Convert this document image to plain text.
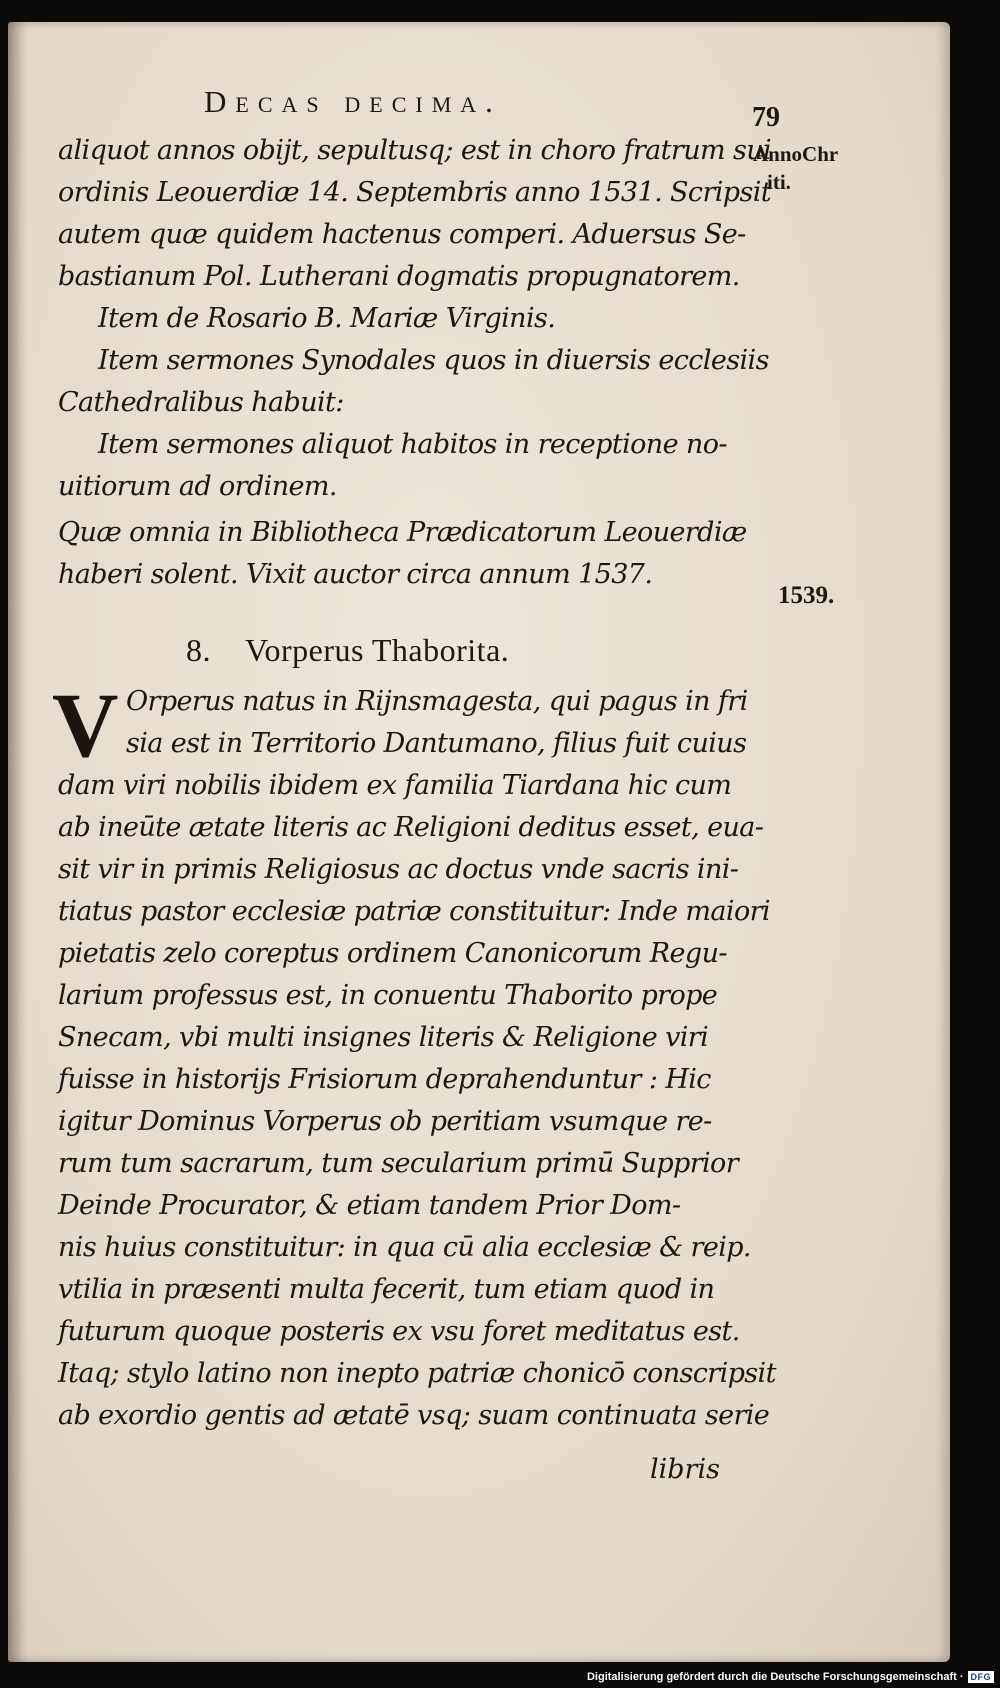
Decas decima.	79
AnnoChr
iti.
1539.
aliquot annos obijt, sepultusq; est in choro fratrum sui
ordinis Leouerdiæ 14. Septembris anno 1531. Scripsit
autem quæ quidem hactenus comperi. Aduersus Se-
bastianum Pol. Lutherani dogmatis propugnatorem.
Item de Rosario B. Mariæ Virginis.
Item sermones Synodales quos in diuersis ecclesiis
Cathedralibus habuit:
Item sermones aliquot habitos in receptione no-
uitiorum ad ordinem.
Quæ omnia in Bibliotheca Prædicatorum Leouerdiæ
haberi solent. Vixit auctor circa annum 1537.
8. Vorperus Thaborita.
V Orperus natus in Rijnsmagesta, qui pagus in fri
sia est in Territorio Dantumano, filius fuit cuius
dam viri nobilis ibidem ex familia Tiardana hic cum
ab ineūte ætate literis ac Religioni deditus esset, eua-
sit vir in primis Religiosus ac doctus vnde sacris ini-
tiatus pastor ecclesiæ patriæ constituitur: Inde maiori
pietatis zelo coreptus ordinem Canonicorum Regu-
larium professus est, in conuentu Thaborito prope
Snecam, vbi multi insignes literis & Religione viri
fuisse in historijs Frisiorum deprahenduntur : Hic
igitur Dominus Vorperus ob peritiam vsumque re-
rum tum sacrarum, tum secularium primū Supprior
Deinde Procurator, & etiam tandem Prior Dom-
nis huius constituitur: in qua cū alia ecclesiæ & reip.
vtilia in præsenti multa fecerit, tum etiam quod in
futurum quoque posteris ex vsu foret meditatus est.
Itaq; stylo latino non inepto patriæ chonicō conscripsit
ab exordio gentis ad ætatē vsq; suam continuata serie
libris
Digitalisierung gefördert durch die Deutsche Forschungsgemeinschaft · DFG
